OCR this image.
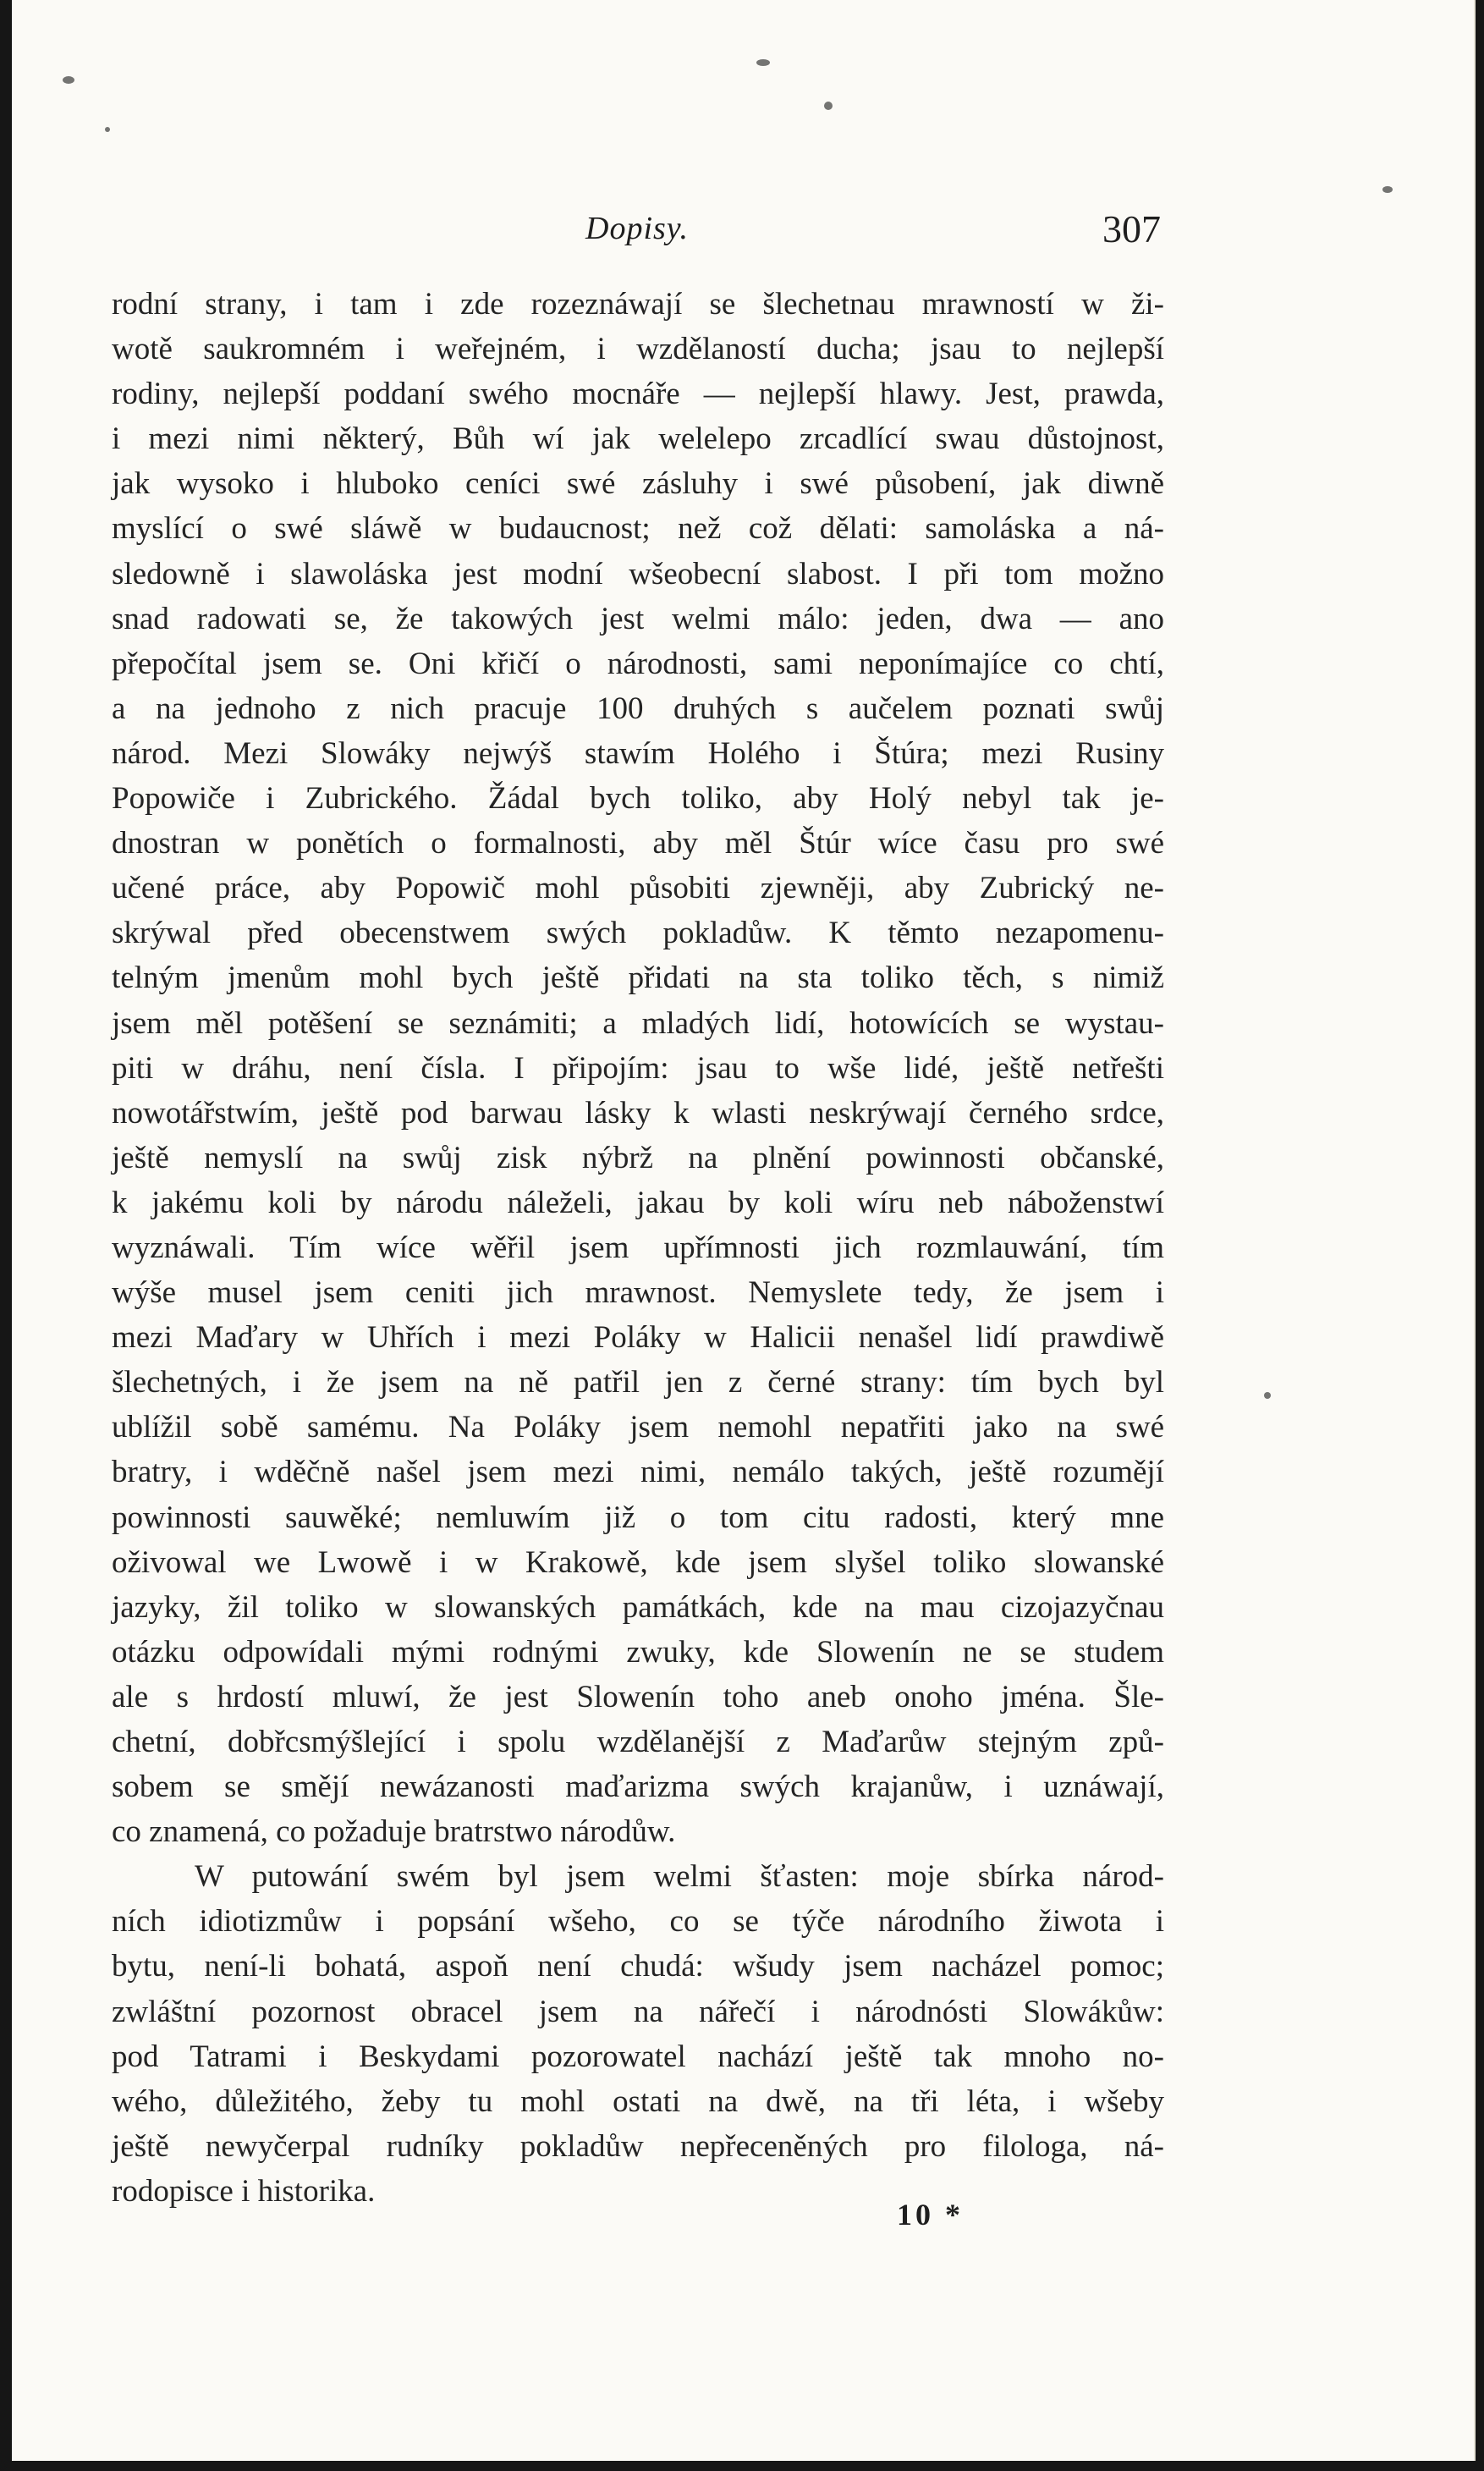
Dopisy.	307
rodní strany, i tam i zde rozeznáwají se šlechetnau mrawností w ži-
wotě saukromném i weřejném, i wzdělaností ducha; jsau to nejlepší
rodiny, nejlepší poddaní swého mocnáře — nejlepší hlawy. Jest, prawda,
i mezi nimi některý, Bůh wí jak welelepo zrcadlící swau důstojnost,
jak wysoko i hluboko ceníci swé zásluhy i swé působení, jak diwně
myslící o swé sláwě w budaucnost; než což dělati: samoláska a ná-
sledowně i slawoláska jest modní wšeobecní slabost. I při tom možno
snad radowati se, že takowých jest welmi málo: jeden, dwa — ano
přepočítal jsem se. Oni křičí o národnosti, sami neponímajíce co chtí,
a na jednoho z nich pracuje 100 druhých s aučelem poznati swůj
národ. Mezi Slowáky nejwýš stawím Holého i Štúra; mezi Rusiny
Popowiče i Zubrického. Žádal bych toliko, aby Holý nebyl tak je-
dnostran w ponětích o formalnosti, aby měl Štúr wíce času pro swé
učené práce, aby Popowič mohl působiti zjewněji, aby Zubrický ne-
skrýwal před obecenstwem swých pokladůw. K těmto nezapomenu-
telným jmenům mohl bych ještě přidati na sta toliko těch, s nimiž
jsem měl potěšení se seznámiti; a mladých lidí, hotowících se wystau-
piti w dráhu, není čísla. I připojím: jsau to wše lidé, ještě netřešti
nowotářstwím, ještě pod barwau lásky k wlasti neskrýwají černého srdce,
ještě nemyslí na swůj zisk nýbrž na plnění powinnosti občanské,
k jakému koli by národu náleželi, jakau by koli wíru neb náboženstwí
wyznáwali. Tím wíce wěřil jsem upřímnosti jich rozmlauwání, tím
wýše musel jsem ceniti jich mrawnost. Nemyslete tedy, že jsem i
mezi Maďary w Uhřích i mezi Poláky w Halicii nenašel lidí prawdiwě
šlechetných, i že jsem na ně patřil jen z černé strany: tím bych byl
ublížil sobě samému. Na Poláky jsem nemohl nepatřiti jako na swé
bratry, i wděčně našel jsem mezi nimi, nemálo takých, ještě rozumějí
powinnosti sauwěké; nemluwím již o tom citu radosti, který mne
oživowal we Lwowě i w Krakowě, kde jsem slyšel toliko slowanské
jazyky, žil toliko w slowanských památkách, kde na mau cizojazyčnau
otázku odpowídali mými rodnými zwuky, kde Slowenín ne se studem
ale s hrdostí mluwí, že jest Slowenín toho aneb onoho jména. Šle-
chetní, dobřcsmýšlející i spolu wzdělanější z Maďarůw stejným způ-
sobem se smějí newázanosti maďarizma swých krajanůw, i uznáwají,
co znamená, co požaduje bratrstwo národůw.
W putowání swém byl jsem welmi šťasten: moje sbírka národ-
ních idiotizmůw i popsání wšeho, co se týče národního žiwota i
bytu, není-li bohatá, aspoň není chudá: wšudy jsem nacházel pomoc;
zwláštní pozornost obracel jsem na nářečí i národnósti Slowákůw:
pod Tatrami i Beskydami pozorowatel nachází ještě tak mnoho no-
wého, důležitého, žeby tu mohl ostati na dwě, na tři léta, i wšeby
ještě newyčerpal rudníky pokladůw nepřeceněných pro filologa, ná-
rodopisce i historika.
10 *
